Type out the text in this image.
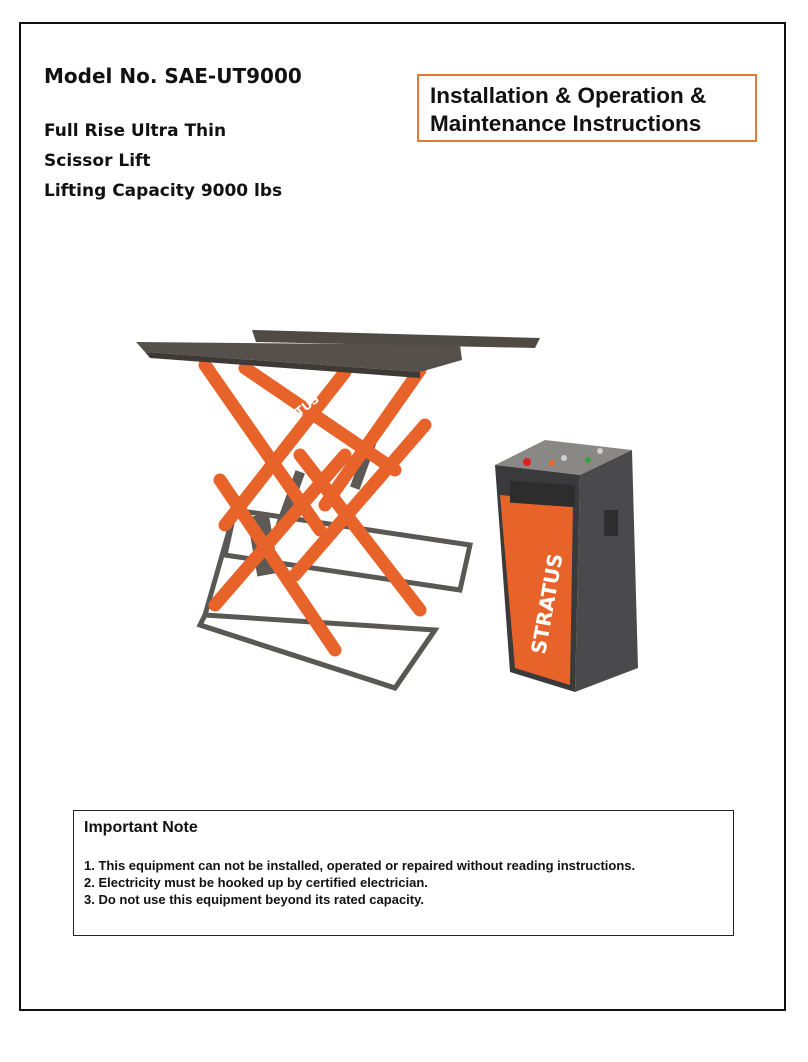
Model No. SAE-UT9000
Full Rise Ultra Thin
Scissor Lift
Lifting Capacity 9000 lbs
Installation & Operation &
Maintenance Instructions
STRATUS
STRATUS
Important Note
1. This equipment can not be installed, operated or repaired without reading instructions.
2. Electricity must be hooked up by certified electrician.
3. Do not use this equipment beyond its rated capacity.
